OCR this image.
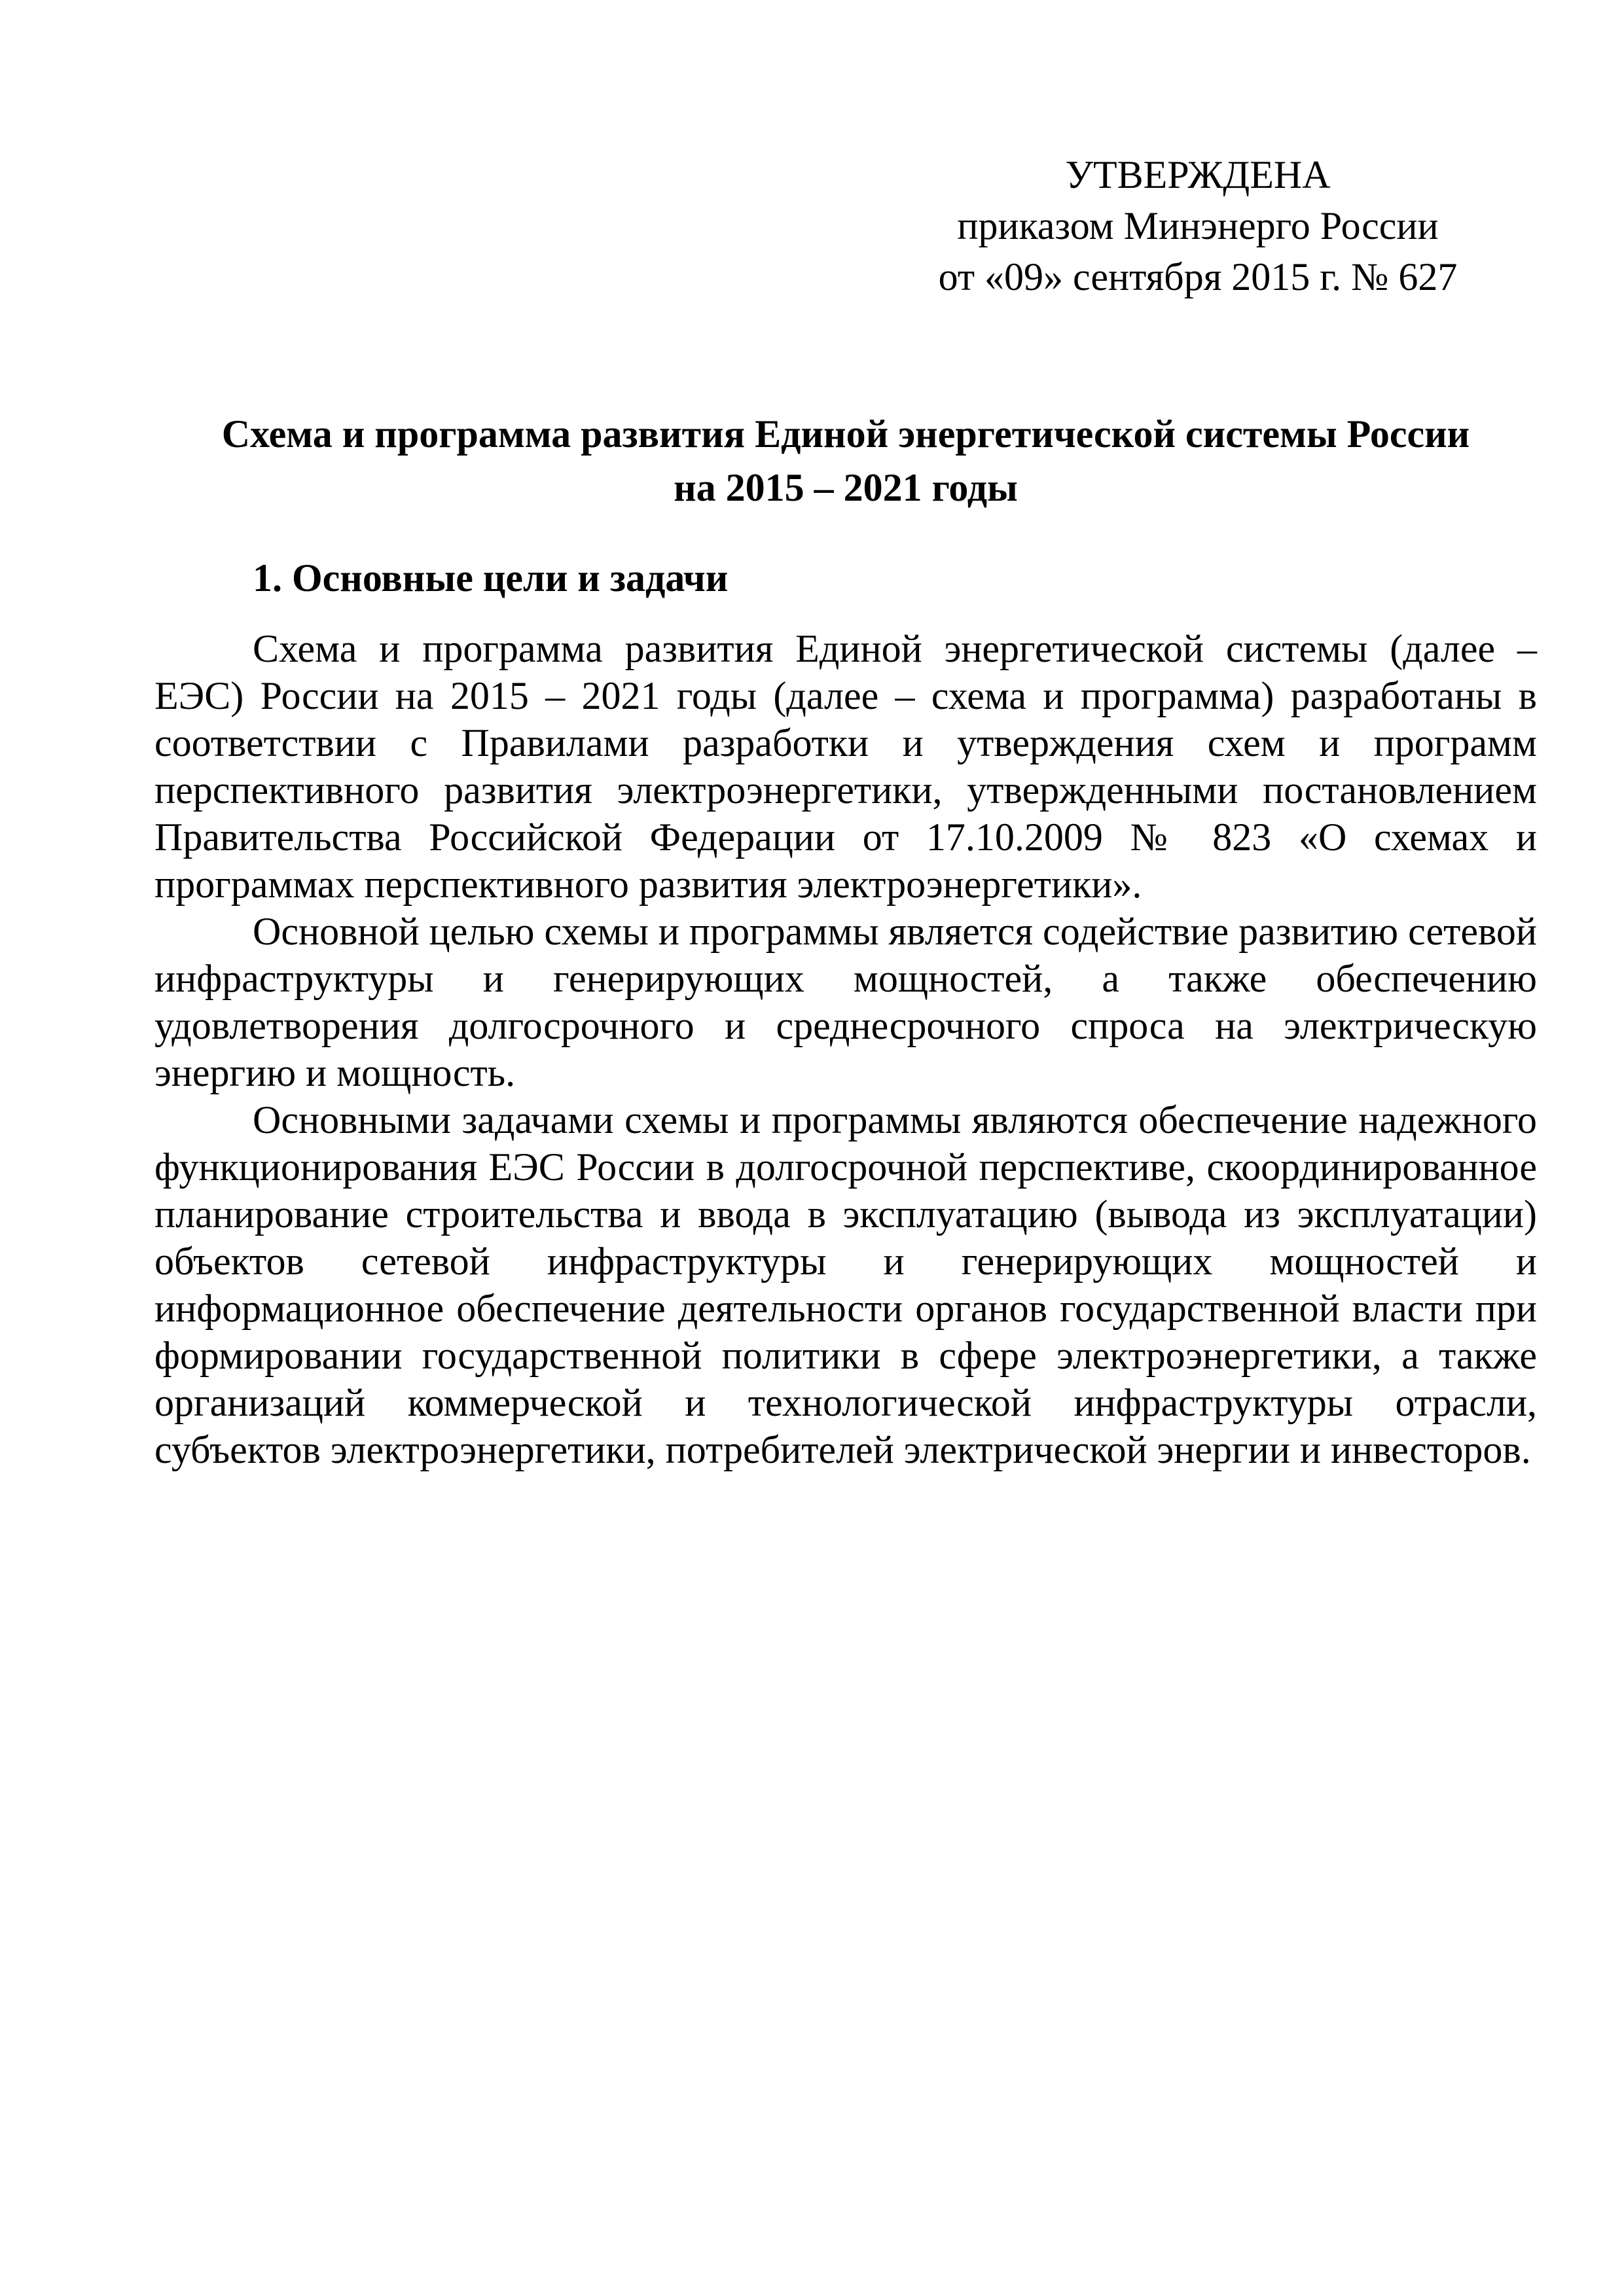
УТВЕРЖДЕНА
приказом Минэнерго России
от «09» сентября 2015 г. № 627
Схема и программа развития Единой энергетической системы России
на 2015 – 2021 годы
1. Основные цели и задачи

Схема и программа развития Единой энергетической системы (далее – ЕЭС) России на 2015 – 2021 годы (далее – схема и программа) разработаны в соответствии с Правилами разработки и утверждения схем и программ перспективного развития электроэнергетики, утвержденными постановлением Правительства Российской Федерации от 17.10.2009 № 823 «О схемах и программах перспективного развития электроэнергетики».

Основной целью схемы и программы является содействие развитию сетевой инфраструктуры и генерирующих мощностей, а также обеспечению удовлетворения долгосрочного и среднесрочного спроса на электрическую энергию и мощность.

Основными задачами схемы и программы являются обеспечение надежного функционирования ЕЭС России в долгосрочной перспективе, скоординированное планирование строительства и ввода в эксплуатацию (вывода из эксплуатации) объектов сетевой инфраструктуры и генерирующих мощностей и информационное обеспечение деятельности органов государственной власти при формировании государственной политики в сфере электроэнергетики, а также организаций коммерческой и технологической инфраструктуры отрасли, субъектов электроэнергетики, потребителей электрической энергии и инвесторов.
